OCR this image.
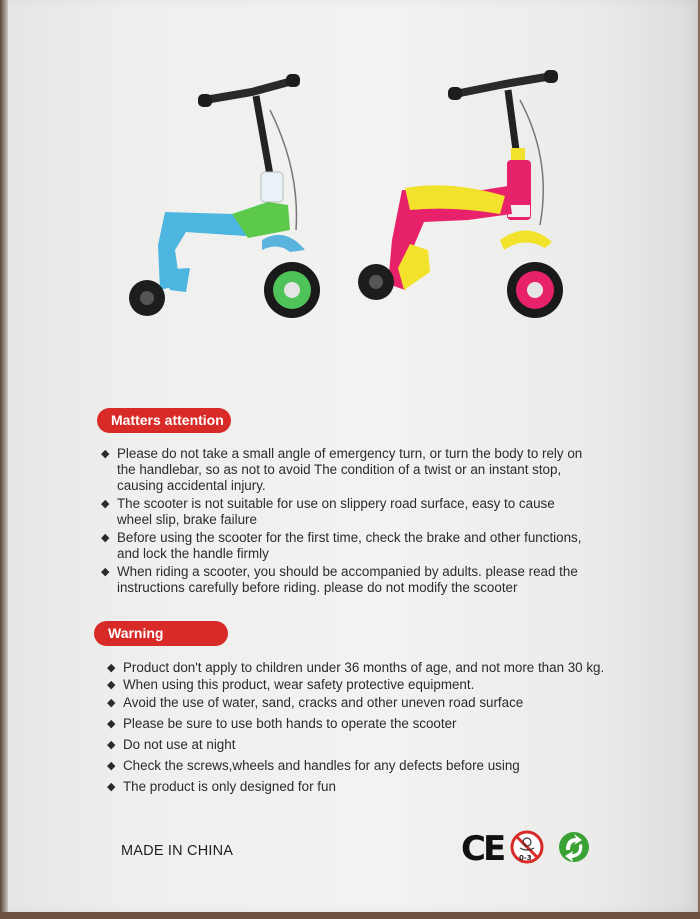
0-3
Matters attention
◆ Please do not take a small angle of emergency turn, or turn the body to rely on the handlebar, so as not to avoid The condition of a twist or an instant stop, causing accidental injury.
◆ The scooter is not suitable for use on slippery road surface, easy to cause wheel slip, brake failure
◆ Before using the scooter for the first time, check the brake and other functions, and lock the handle firmly
◆ When riding a scooter, you should be accompanied by adults. please read the instructions carefully before riding. please do not modify the scooter
Warning
◆ Product don't apply to children under 36 months of age, and not more than 30 kg.
◆ When using this product, wear safety protective equipment.
◆ Avoid the use of water, sand, cracks and other uneven road surface
◆ Please be sure to use both hands to operate the scooter
◆ Do not use at night
◆ Check the screws,wheels and handles for any defects before using
◆ The product is only designed for fun
MADE IN CHINA	CE
